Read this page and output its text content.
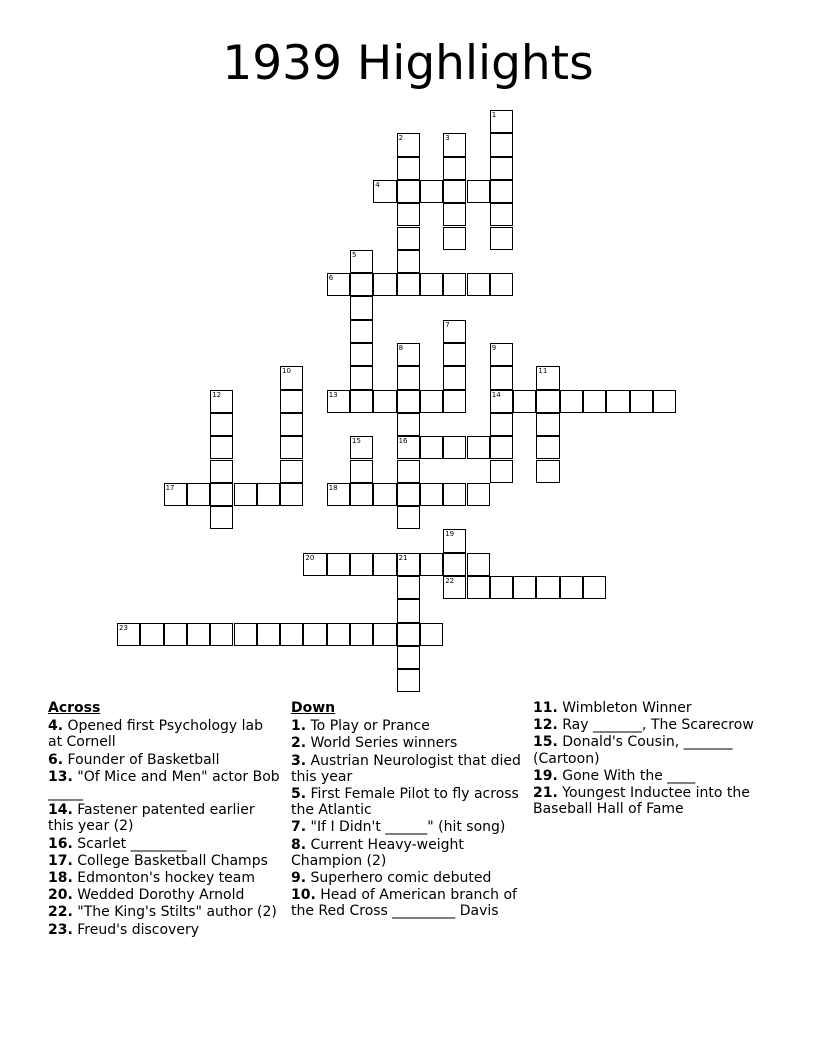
1939 Highlights
4
6
13	14
16
17	18
20	21
22
23
1
2	3
5
7
8	9
10	11
12
15
19
Across
4. Opened first Psychology lab at Cornell
6. Founder of Basketball
13. "Of Mice and Men" actor Bob _____
14. Fastener patented earlier this year (2)
16. Scarlet ________
17. College Basketball Champs
18. Edmonton's hockey team
20. Wedded Dorothy Arnold
22. "The King's Stilts" author (2)
23. Freud's discovery
Down
1. To Play or Prance
2. World Series winners
3. Austrian Neurologist that died this year
5. First Female Pilot to fly across the Atlantic
7. "If I Didn't ______" (hit song)
8. Current Heavy-weight Champion (2)
9. Superhero comic debuted
10. Head of American branch of the Red Cross _________ Davis
11. Wimbleton Winner
12. Ray _______, The Scarecrow
15. Donald's Cousin, _______ (Cartoon)
19. Gone With the ____
21. Youngest Inductee into the Baseball Hall of Fame
